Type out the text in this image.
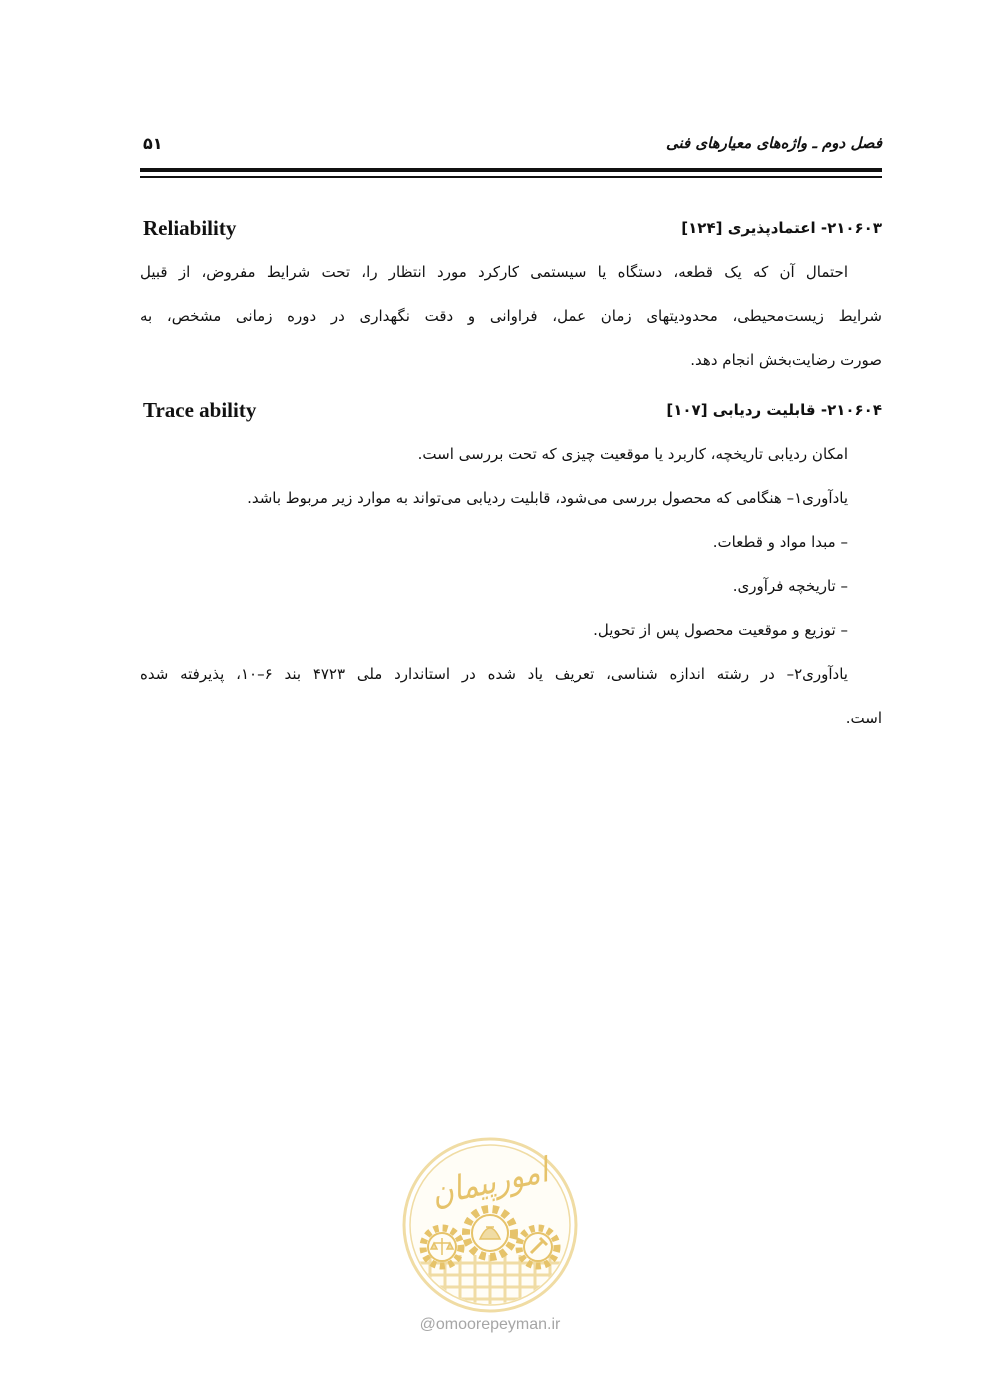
فصل دوم ـ واژه‌های معیارهای فنی
۵۱
۲۱۰۶۰۳- اعتمادپذیری [۱۲۴]
Reliability
احتمال آن که یک قطعه، دستگاه یا سیستمی کارکرد مورد انتظار را، تحت شرایط مفروض، از قبیل
شرایط زیست‌محیطی، محدودیتهای زمان عمل، فراوانی و دقت نگهداری در دوره زمانی مشخص، به
صورت رضایت‌بخش انجام دهد.
۲۱۰۶۰۴- قابلیت ردیابی [۱۰۷]
Trace ability
امکان ردیابی تاریخچه، کاربرد یا موقعیت چیزی که تحت بررسی است.
یادآوری۱– هنگامی که محصول بررسی می‌شود، قابلیت ردیابی می‌تواند به موارد زیر مربوط باشد.
– مبدا مواد و قطعات.
– تاریخچه فرآوری.
– توزیع و موقعیت محصول پس از تحویل.
یادآوری۲– در رشته اندازه شناسی، تعریف یاد شده در استاندارد ملی ۴۷۲۳ بند ۶–۱۰، پذیرفته شده
است.
امورپیمان
@omoorepeyman.ir
